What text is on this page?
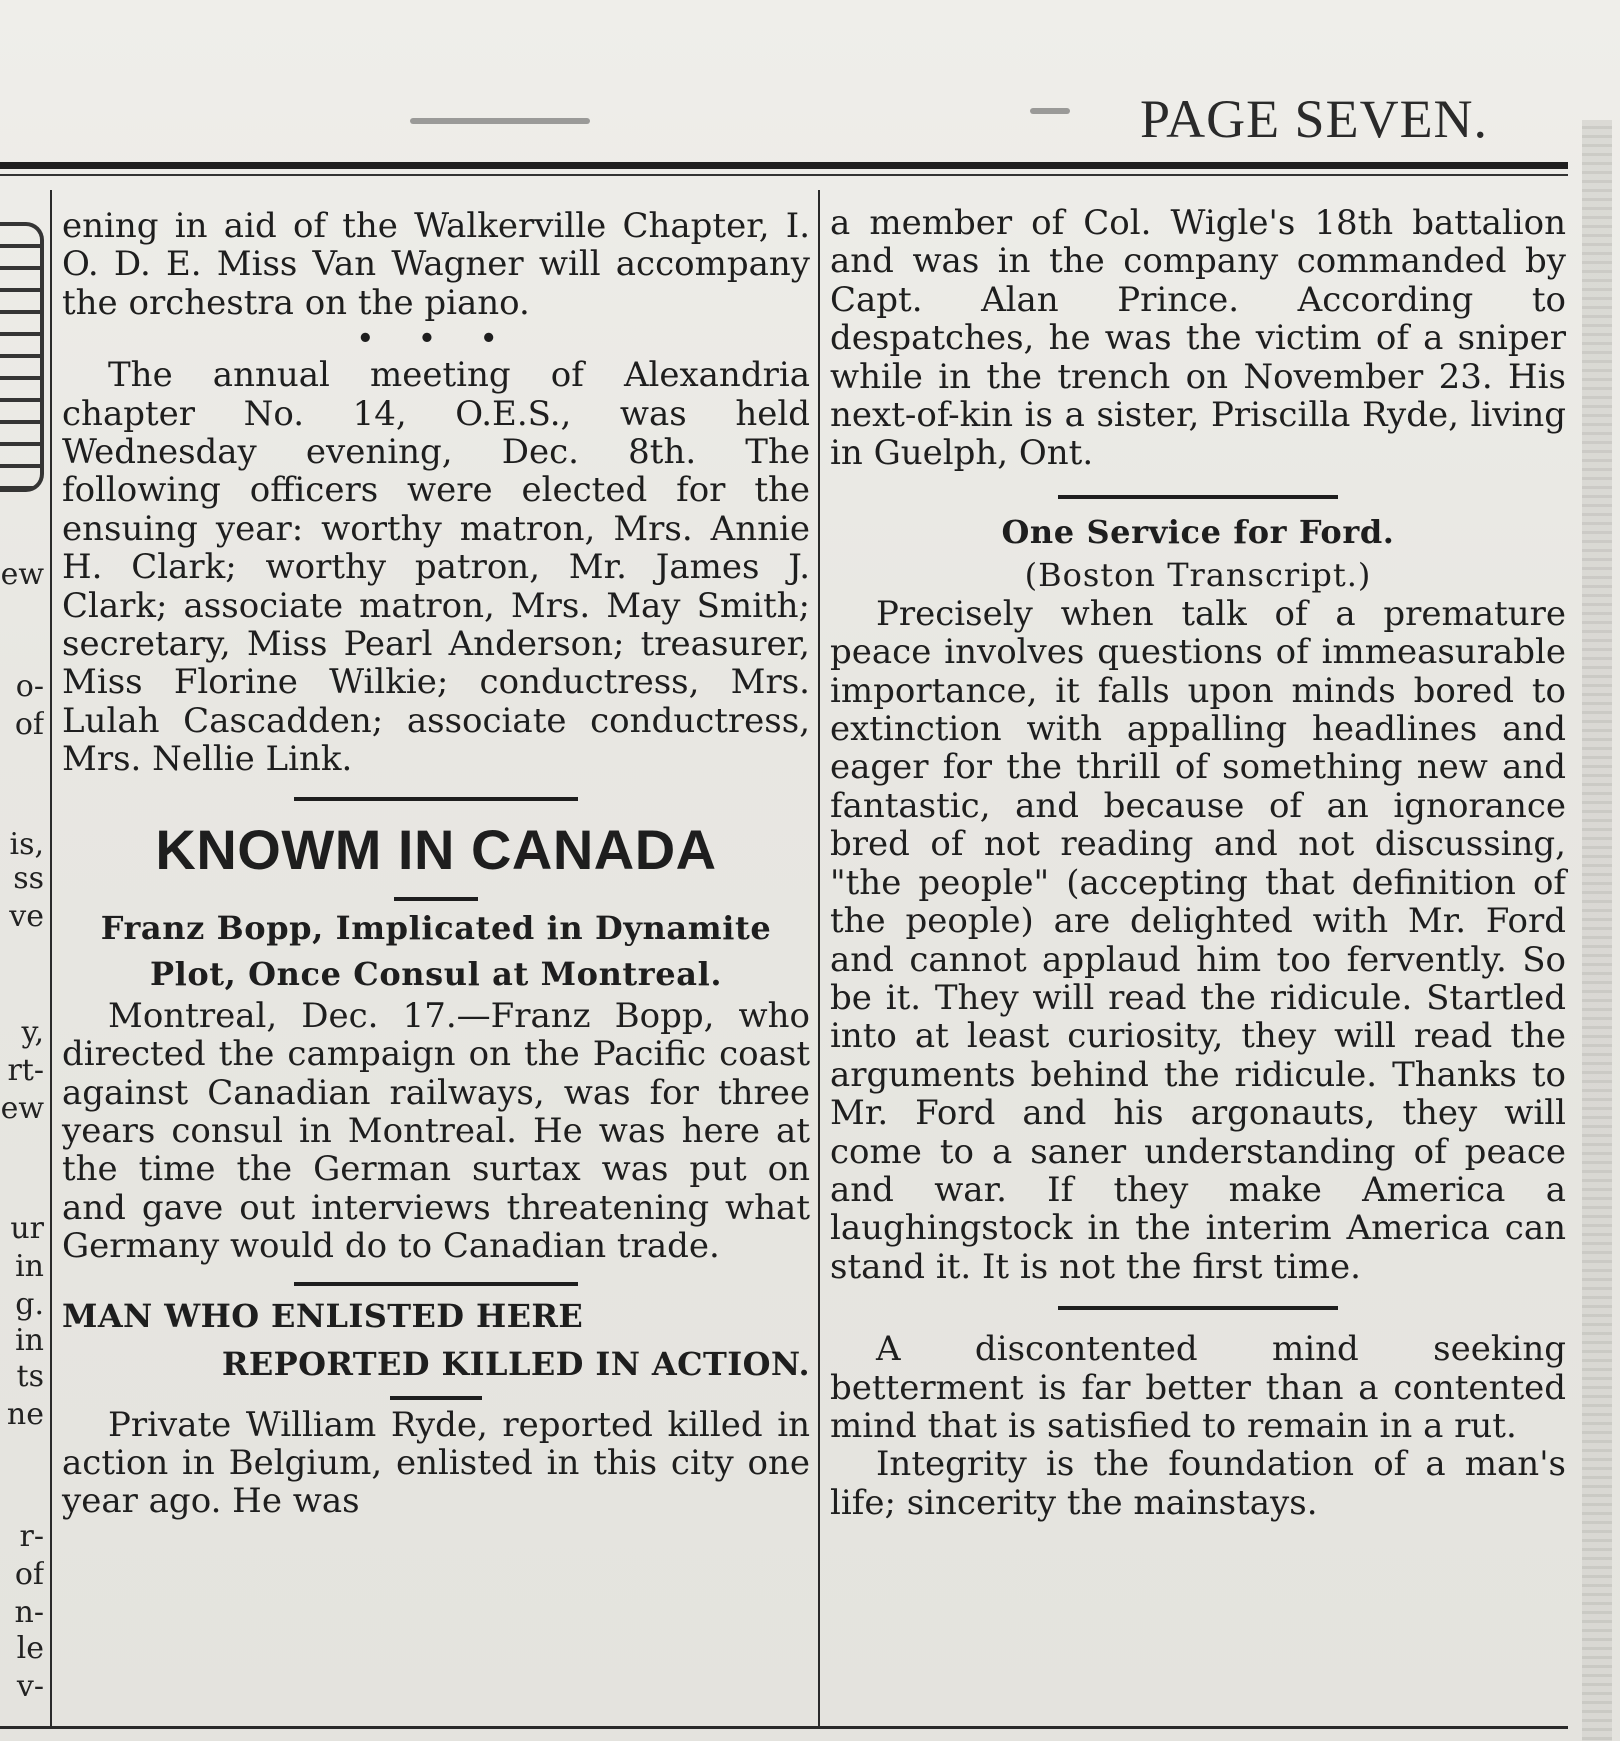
PAGE SEVEN.
ew
o-
of
is,
ss
ve
y,
rt-
ew
ur
in
g.
in
ts
ne
r-
of
n-
le
v-

ening in aid of the Walkerville Chapter, I. O. D. E. Miss Van Wagner will accompany the orchestra on the piano.

• • •

The annual meeting of Alexandria chapter No. 14, O.E.S., was held Wednesday evening, Dec. 8th. The following officers were elected for the ensuing year: worthy matron, Mrs. Annie H. Clark; worthy patron, Mr. James J. Clark; associate matron, Mrs. May Smith; secretary, Miss Pearl Anderson; treasurer, Miss Florine Wilkie; conductress, Mrs. Lulah Cascadden; associate conductress, Mrs. Nellie Link.

KNOWM IN CANADA

Franz Bopp, Implicated in Dynamite Plot, Once Consul at Montreal.

Montreal, Dec. 17.—Franz Bopp, who directed the campaign on the Pacific coast against Canadian railways, was for three years consul in Montreal. He was here at the time the German surtax was put on and gave out interviews threatening what Germany would do to Canadian trade.

MAN WHO ENLISTED HERE

REPORTED KILLED IN ACTION.

Private William Ryde, reported killed in action in Belgium, enlisted in this city one year ago. He was

a member of Col. Wigle's 18th battalion and was in the company commanded by Capt. Alan Prince. According to despatches, he was the victim of a sniper while in the trench on November 23. His next-of-kin is a sister, Priscilla Ryde, living in Guelph, Ont.

One Service for Ford.

(Boston Transcript.)

Precisely when talk of a premature peace involves questions of immeasurable importance, it falls upon minds bored to extinction with appalling headlines and eager for the thrill of something new and fantastic, and because of an ignorance bred of not reading and not discussing, "the people" (accepting that definition of the people) are delighted with Mr. Ford and cannot applaud him too fervently. So be it. They will read the ridicule. Startled into at least curiosity, they will read the arguments behind the ridicule. Thanks to Mr. Ford and his argonauts, they will come to a saner understanding of peace and war. If they make America a laughingstock in the interim America can stand it. It is not the first time.

A discontented mind seeking betterment is far better than a contented mind that is satisfied to remain in a rut.

Integrity is the foundation of a man's life; sincerity the mainstays.
